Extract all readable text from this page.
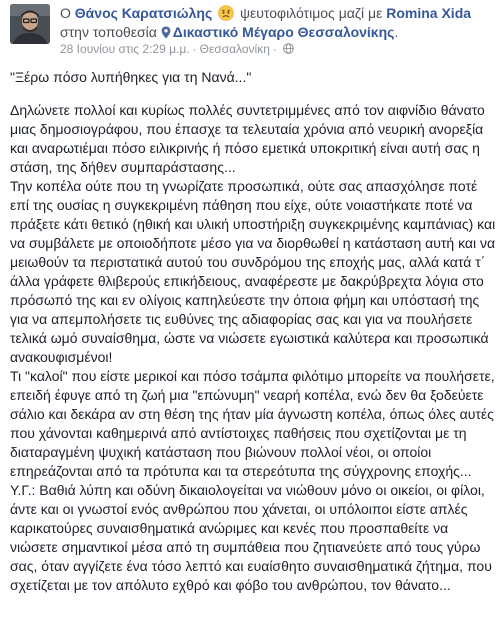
Ο Θάνος Καρατσιώλης ψευτοφιλότιμος μαζί με Romina Xida στην τοποθεσία Δικαστικό Μέγαρο Θεσσαλονίκης.
28 Ιουνίου στις 2:29 μ.μ. · Θεσσαλονίκη ·

"Ξέρω πόσο λυπήθηκες για τη Νανά..."

Δηλώνετε πολλοί και κυρίως πολλές συντετριμμένες από τον αιφνίδιο θάνατο μιας δημοσιογράφου, που έπασχε τα τελευταία χρόνια από νευρική ανορεξία και αναρωτιέμαι πόσο ειλικρινής ή πόσο εμετικά υποκριτική είναι αυτή σας η στάση, της δήθεν συμπαράστασης...

Την κοπέλα ούτε που τη γνωρίζατε προσωπικά, ούτε σας απασχόλησε ποτέ επί της ουσίας η συγκεκριμένη πάθηση που είχε, ούτε νοιαστήκατε ποτέ να πράξετε κάτι θετικό (ηθική και υλική υποστήριξη συγκεκριμένης καμπάνιας) και να συμβάλετε με οποιοδήποτε μέσο για να διορθωθεί η κατάσταση αυτή και να μειωθούν τα περιστατικά αυτού του συνδρόμου της εποχής μας, αλλά κατά τ΄ άλλα γράφετε θλιβερούς επικήδειους, αναφέρεστε με δακρύβρεχτα λόγια στο πρόσωπό της και εν ολίγοις καπηλεύεστε την όποια φήμη και υπόστασή της για να απεμπολήσετε τις ευθύνες της αδιαφορίας σας και για να πουλήσετε τελικά ωμό συναίσθημα, ώστε να νιώσετε εγωιστικά καλύτερα και προσωπικά ανακουφισμένοι!

Τι "καλοί" που είστε μερικοί και πόσο τσάμπα φιλότιμο μπορείτε να πουλήσετε, επειδή έφυγε από τη ζωή μια "επώνυμη" νεαρή κοπέλα, ενώ δεν θα ξοδεύετε σάλιο και δεκάρα αν στη θέση της ήταν μία άγνωστη κοπέλα, όπως όλες αυτές που χάνονται καθημερινά από αντίστοιχες παθήσεις που σχετίζονται με τη διαταραγμένη ψυχική κατάσταση που βιώνουν πολλοί νέοι, οι οποίοι επηρεάζονται από τα πρότυπα και τα στερεότυπα της σύγχρονης εποχής...

Υ.Γ.: Βαθιά λύπη και οδύνη δικαιολογείται να νιώθουν μόνο οι οικείοι, οι φίλοι, άντε και οι γνωστοί ενός ανθρώπου που χάνεται, οι υπόλοιποι είστε απλές καρικατούρες συναισθηματικά ανώριμες και κενές που προσπαθείτε να νιώσετε σημαντικοί μέσα από τη συμπάθεια που ζητιανεύετε από τους γύρω σας, όταν αγγίζετε ένα τόσο λεπτό και ευαίσθητο συναισθηματικά ζήτημα, που σχετίζεται με τον απόλυτο εχθρό και φόβο του ανθρώπου, τον θάνατο...
